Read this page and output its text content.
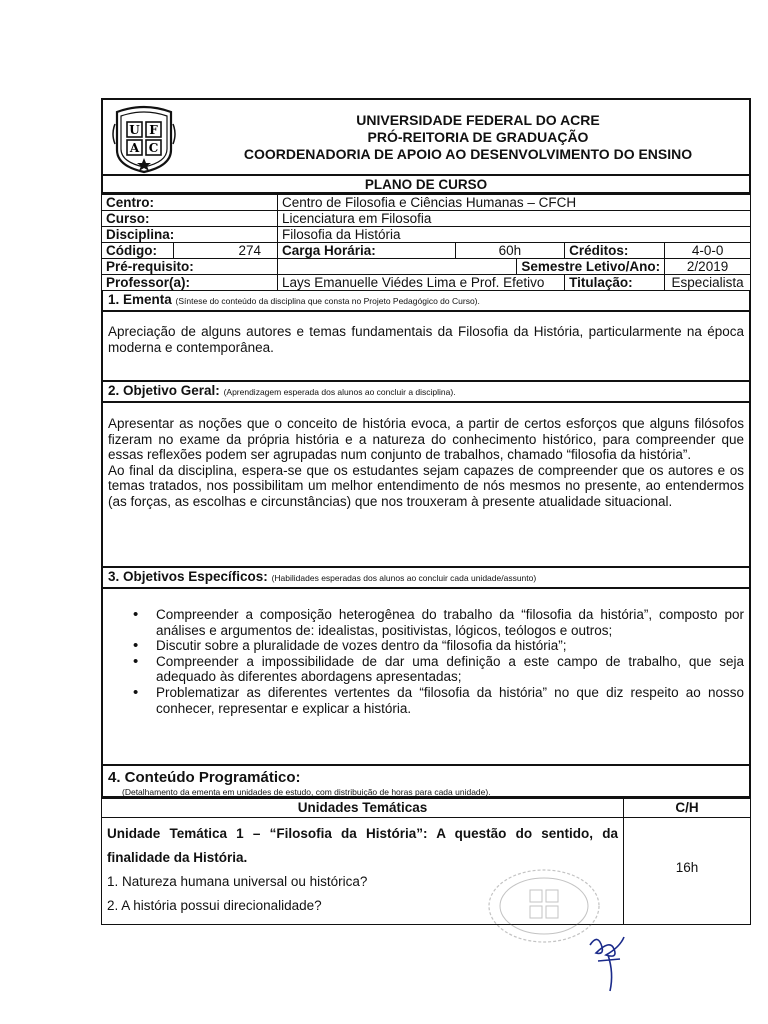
U F
A C
UNIVERSIDADE FEDERAL DO ACRE
PRÓ-REITORIA DE GRADUAÇÃO
COORDENADORIA DE APOIO AO DESENVOLVIMENTO DO ENSINO
PLANO DE CURSO
Centro:		Centro de Filosofia e Ciências Humanas – CFCH				
Curso:		Licenciatura em Filosofia				
Disciplina:		Filosofia da História				
Código:	274	Carga Horária:	60h		Créditos:	4-0-0
Pré-requisito:				Semestre Letivo/Ano:		2/2019
Professor(a):		Lays Emanuelle Viédes Lima e Prof. Efetivo			Titulação:	Especialista
1. Ementa (Síntese do conteúdo da disciplina que consta no Projeto Pedagógico do Curso).
Apreciação de alguns autores e temas fundamentais da Filosofia da História, particularmente na época moderna e contemporânea.
2. Objetivo Geral: (Aprendizagem esperada dos alunos ao concluir a disciplina).
Apresentar as noções que o conceito de história evoca, a partir de certos esforços que alguns filósofos fizeram no exame da própria história e a natureza do conhecimento histórico, para compreender que essas reflexões podem ser agrupadas num conjunto de trabalhos, chamado “filosofia da história”.
Ao final da disciplina, espera-se que os estudantes sejam capazes de compreender que os autores e os temas tratados, nos possibilitam um melhor entendimento de nós mesmos no presente, ao entendermos (as forças, as escolhas e circunstâncias) que nos trouxeram à presente atualidade situacional.
3. Objetivos Específicos: (Habilidades esperadas dos alunos ao concluir cada unidade/assunto)
• Compreender a composição heterogênea do trabalho da “filosofia da história”, composto por análises e argumentos de: idealistas, positivistas, lógicos, teólogos e outros;
• Discutir sobre a pluralidade de vozes dentro da “filosofia da história”;
• Compreender a impossibilidade de dar uma definição a este campo de trabalho, que seja adequado às diferentes abordagens apresentadas;
• Problematizar as diferentes vertentes da “filosofia da história” no que diz respeito ao nosso conhecer, representar e explicar a história.
4. Conteúdo Programático:
(Detalhamento da ementa em unidades de estudo, com distribuição de horas para cada unidade).
Unidades Temáticas	C/H

Unidade Temática 1 – “Filosofia da História”: A questão do sentido, da finalidade da História.
1. Natureza humana universal ou histórica?
2. A história possui direcionalidade?	16h
